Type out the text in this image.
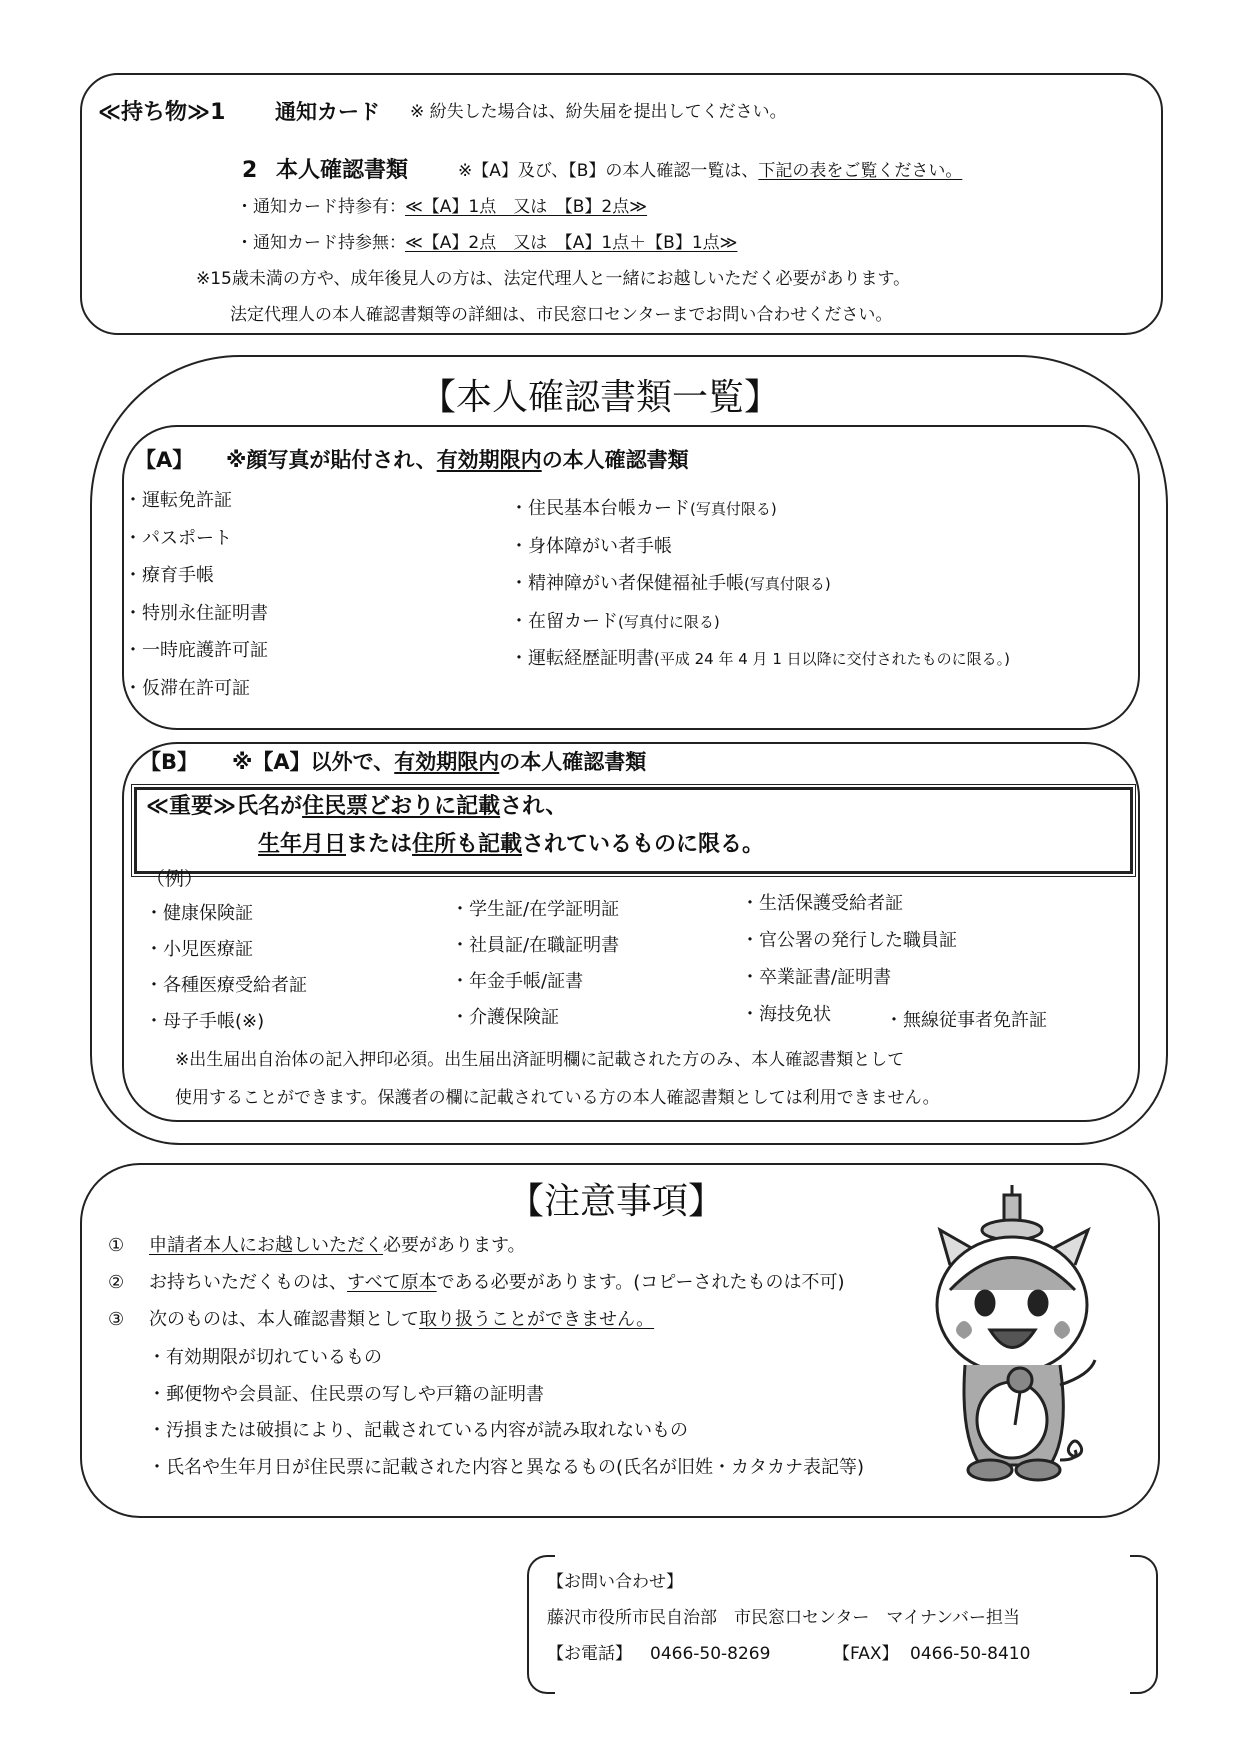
≪持ち物≫1 通知カード ※ 紛失した場合は、紛失届を提出してください。
2 本人確認書類	※【A】及び、【B】の本人確認一覧は、下記の表をご覧ください。
・通知カード持参有： ≪【A】1点　又は　【B】2点≫
・通知カード持参無： ≪【A】2点　又は　【A】1点＋【B】1点≫
※15歳未満の方や、成年後見人の方は、法定代理人と一緒にお越しいただく必要があります。
法定代理人の本人確認書類等の詳細は、市民窓口センターまでお問い合わせください。
【本人確認書類一覧】
【A】 ※顔写真が貼付され、有効期限内の本人確認書類
・運転免許証
・パスポート
・療育手帳
・特別永住証明書
・一時庇護許可証
・仮滞在許可証
・住民基本台帳カード(写真付限る)
・身体障がい者手帳
・精神障がい者保健福祉手帳(写真付限る)
・在留カード(写真付に限る)
・運転経歴証明書(平成 24 年 4 月 1 日以降に交付されたものに限る。)
【B】 ※【A】以外で、有効期限内の本人確認書類
≪重要≫氏名が住民票どおりに記載され、
生年月日または住所も記載されているものに限る。
（例）
・健康保険証
・小児医療証
・各種医療受給者証
・母子手帳(※)
・学生証/在学証明証
・社員証/在職証明書
・年金手帳/証書
・介護保険証
・生活保護受給者証
・官公署の発行した職員証
・卒業証書/証明書
・海技免状	・無線従事者免許証
※出生届出自治体の記入押印必須。出生届出済証明欄に記載された方のみ、本人確認書類として
使用することができます。保護者の欄に記載されている方の本人確認書類としては利用できません。
【注意事項】
① 申請者本人にお越しいただく必要があります。
② お持ちいただくものは、すべて原本である必要があります。(コピーされたものは不可)
③ 次のものは、本人確認書類として取り扱うことができません。
・有効期限が切れているもの
・郵便物や会員証、住民票の写しや戸籍の証明書
・汚損または破損により、記載されている内容が読み取れないもの
・氏名や生年月日が住民票に記載された内容と異なるもの(氏名が旧姓・カタカナ表記等)
【お問い合わせ】
藤沢市役所市民自治部　市民窓口センター　マイナンバー担当
【お電話】 0466-50-8269	【FAX】 0466-50-8410
